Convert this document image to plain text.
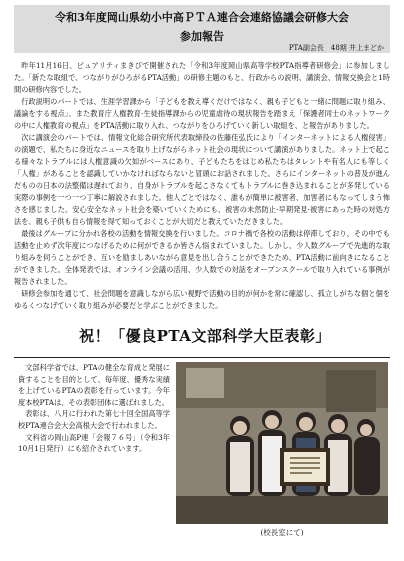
令和3年度岡山県幼小中高ＰＴＡ連合会連絡協議会研修大会
参加報告
PTA副会長　48期 井上まどか

昨年11月16日、ピュアリティまきびで開催された「令和3年度岡山県高等学校PTA指導者研修会」に参加しました。「新たな取組で、つながりがひろがるPTA活動」の研修主題のもと、行政からの説明、講演会、情報交換会と1時間の研修内容でした。

行政説明のパートでは、生涯学習課から「子どもを教え導くだけではなく、親も子どもと一緒に問題に取り組み、議論をする視点」、また教育庁人権教育·生徒指導課からの児童虐待の現状報告を踏まえ「保護者同士のネットワークの中に人権教育の視点」をPTA活動に取り入れ、つながりをひろげていく新しい取組を、と報告がありました。

次に講演会のパートでは、情報文化総合研究所代表取締役の佐藤佳弘氏により「インターネットによる人権侵害」の演題で、私たちに身近なニュースを取り上げながらネット社会の現状について講演がありました。ネット上で起こる様々なトラブルには人権意識の欠如がベースにあり、子どもたちをはじめ私たちはタレントや有名人にも等しく「人権」があることを認識していかなければならないと冒頭にお話されました。さらにインターネットの普及が進んだものの日本の法整備は遅れており、自身がトラブルを起こさなくてもトラブルに巻き込まれることが多発している実際の事例を一つ一つ丁寧に解説されました。他人ごとではなく、誰もが簡単に被害者、加害者にもなってしまう怖さを感じました。安心安全なネット社会を築いていくためにも、被害の未然防止·早期発見·被害にあった時の対処方法を、親も子供も自ら情報を得て知っておくことが大切だと教えていただきました。

最後はグループに分かれ各校の活動を情報交換を行いました。コロナ禍で各校の活動は停滞しており、その中でも活動を止めず次年度につなげるために何ができるか皆さん悩まれていました。しかし、少人数グループで先進的な取り組みを伺うことができ、互いを励ましあいながら意見を出し合うことができたため、PTA活動に前向きになることができました。全体発表では、オンライン会議の活用、少人数での対話をオープンスクールで取り入れている事例が報告されました。

研修会参加を通じて、社会問題を意識しながら広い視野で活動の目的が何かを常に確認し、孤立しがちな個と個をゆるくつなげていく取り組みが必要だと学ぶことができました。

祝！「優良PTA文部科学大臣表彰」

文部科学省では、PTAの健全な育成と発展に資することを目的として、毎年度、優秀な実績を上げているPTAの表彰を行っています。今年度本校PTAは、その表彰団体に選ばれました。

表彰は、八月に行われた第七十回全国高等学校PTA連合会大会高根大会で行われました。

文科省の岡山高P連「会報７６号」（令和3年10月1日発行）にも紹介されています。

(校長室にて)
